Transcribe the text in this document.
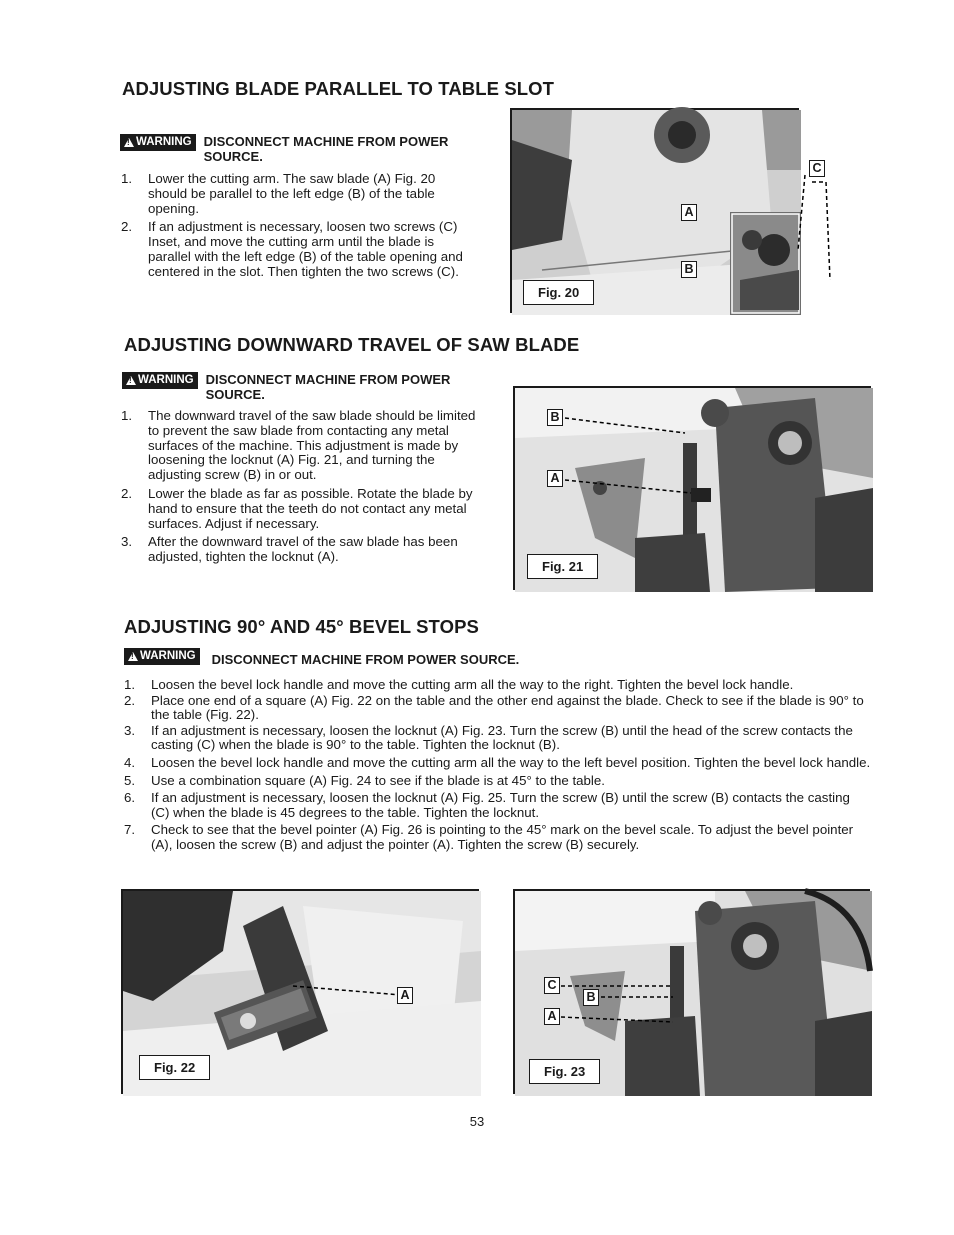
ADJUSTING BLADE PARALLEL TO TABLE SLOT
!
WARNING DISCONNECT MACHINE FROM POWER SOURCE.
1. Lower the cutting arm. The saw blade (A) Fig. 20 should be parallel to the left edge (B) of the table opening.
2. If an adjustment is necessary, loosen two screws (C) Inset, and move the cutting arm until the blade is parallel with the left edge (B) of the table opening and centered in the slot. Then tighten the two screws (C).
C
A
B
Fig. 20
ADJUSTING DOWNWARD TRAVEL OF SAW BLADE
!
WARNING DISCONNECT MACHINE FROM POWER SOURCE.
1. The downward travel of the saw blade should be limited to prevent the saw blade from contacting any metal surfaces of the machine. This adjustment is made by loosening the locknut (A) Fig. 21, and turning the adjusting screw (B) in or out.
2. Lower the blade as far as possible. Rotate the blade by hand to ensure that the teeth do not contact any metal surfaces. Adjust if necessary.
3. After the downward travel of the saw blade has been adjusted, tighten the locknut (A).
B
A
Fig. 21
ADJUSTING 90° AND 45° BEVEL STOPS
!
WARNING DISCONNECT MACHINE FROM POWER SOURCE.
1. Loosen the bevel lock handle and move the cutting arm all the way to the right. Tighten the bevel lock handle.
2. Place one end of a square (A) Fig. 22 on the table and the other end against the blade. Check to see if the blade is 90° to the table (Fig. 22).
3. If an adjustment is necessary, loosen the locknut (A) Fig. 23. Turn the screw (B) until the head of the screw contacts the casting (C) when the blade is 90° to the table. Tighten the locknut (B).
4. Loosen the bevel lock handle and move the cutting arm all the way to the left bevel position. Tighten the bevel lock handle.
5. Use a combination square (A) Fig. 24 to see if the blade is at 45° to the table.
6. If an adjustment is necessary, loosen the locknut (A) Fig. 25. Turn the screw (B) until the screw (B) contacts the casting (C) when the blade is 45 degrees to the table. Tighten the locknut.
7. Check to see that the bevel pointer (A) Fig. 26 is pointing to the 45° mark on the bevel scale. To adjust the bevel pointer (A), loosen the screw (B) and adjust the pointer (A). Tighten the screw (B) securely.
A
Fig. 22
C
B
A
Fig. 23
53
